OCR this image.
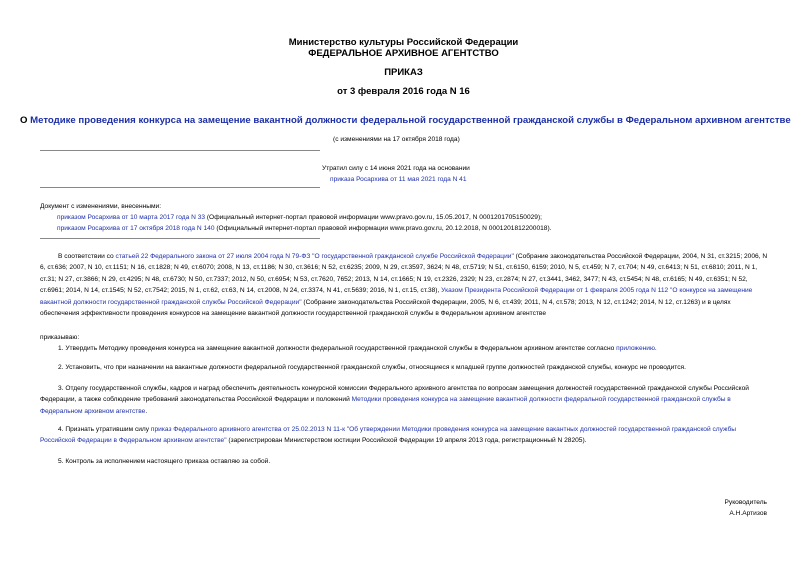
Министерство культуры Российской Федерации
ФЕДЕРАЛЬНОЕ АРХИВНОЕ АГЕНТСТВО
ПРИКАЗ
от 3 февраля 2016 года N 16
О Методике проведения конкурса на замещение вакантной должности федеральной государственной гражданской службы в Федеральном архивном агентстве
(с изменениями на 17 октября 2018 года)
Утратил силу с 14 июня 2021 года на основании
приказа Росархива от 11 мая 2021 года N 41
Документ с изменениями, внесенными:
приказом Росархива от 10 марта 2017 года N 33 (Официальный интернет-портал правовой информации www.pravo.gov.ru, 15.05.2017, N 0001201705150029);
приказом Росархива от 17 октября 2018 года N 140 (Официальный интернет-портал правовой информации www.pravo.gov.ru, 20.12.2018, N 0001201812200018).
В соответствии со статьей 22 Федерального закона от 27 июля 2004 года N 79-ФЗ "О государственной гражданской службе Российской Федерации" (Собрание законодательства Российской Федерации, 2004, N 31, ст.3215; 2006, N 6, ст.636; 2007, N 10, ст.1151; N 16, ст.1828; N 49, ст.6070; 2008, N 13, ст.1186; N 30, ст.3616; N 52, ст.6235; 2009, N 29, ст.3597, 3624; N 48, ст.5719; N 51, ст.6150, 6159; 2010, N 5, ст.459; N 7, ст.704; N 49, ст.6413; N 51, ст.6810; 2011, N 1, ст.31; N 27, ст.3866; N 29, ст.4295; N 48, ст.6730; N 50, ст.7337; 2012, N 50, ст.6954; N 53, ст.7620, 7652; 2013, N 14, ст.1665; N 19, ст.2326, 2329; N 23, ст.2874; N 27, ст.3441, 3462, 3477; N 43, ст.5454; N 48, ст.6165; N 49, ст.6351; N 52, ст.6961; 2014, N 14, ст.1545; N 52, ст.7542; 2015, N 1, ст.62, ст.63, N 14, ст.2008, N 24, ст.3374, N 41, ст.5639; 2016, N 1, ст.15, ст.38), Указом Президента Российской Федерации от 1 февраля 2005 года N 112 "О конкурсе на замещение вакантной должности государственной гражданской службы Российской Федерации" (Собрание законодательства Российской Федерации, 2005, N 6, ст.439; 2011, N 4, ст.578; 2013, N 12, ст.1242; 2014, N 12, ст.1263) и в целях обеспечения эффективности проведения конкурсов на замещение вакантной должности государственной гражданской службы в Федеральном архивном агентстве
приказываю:
1. Утвердить Методику проведения конкурса на замещение вакантной должности федеральной государственной гражданской службы в Федеральном архивном агентстве согласно приложению.
2. Установить, что при назначении на вакантные должности федеральной государственной гражданской службы, относящиеся к младшей группе должностей гражданской службы, конкурс не проводится.
3. Отделу государственной службы, кадров и наград обеспечить деятельность конкурсной комиссии Федерального архивного агентства по вопросам замещения должностей государственной гражданской службы Российской Федерации, а также соблюдение требований законодательства Российской Федерации и положений Методики проведения конкурса на замещение вакантной должности федеральной государственной гражданской службы в Федеральном архивном агентстве.
4. Признать утратившим силу приказ Федерального архивного агентства от 25.02.2013 N 11-к "Об утверждении Методики проведения конкурса на замещение вакантных должностей государственной гражданской службы Российской Федерации в Федеральном архивном агентстве" (зарегистрирован Министерством юстиции Российской Федерации 19 апреля 2013 года, регистрационный N 28205).
5. Контроль за исполнением настоящего приказа оставляю за собой.
Руководитель
А.Н.Артизов
